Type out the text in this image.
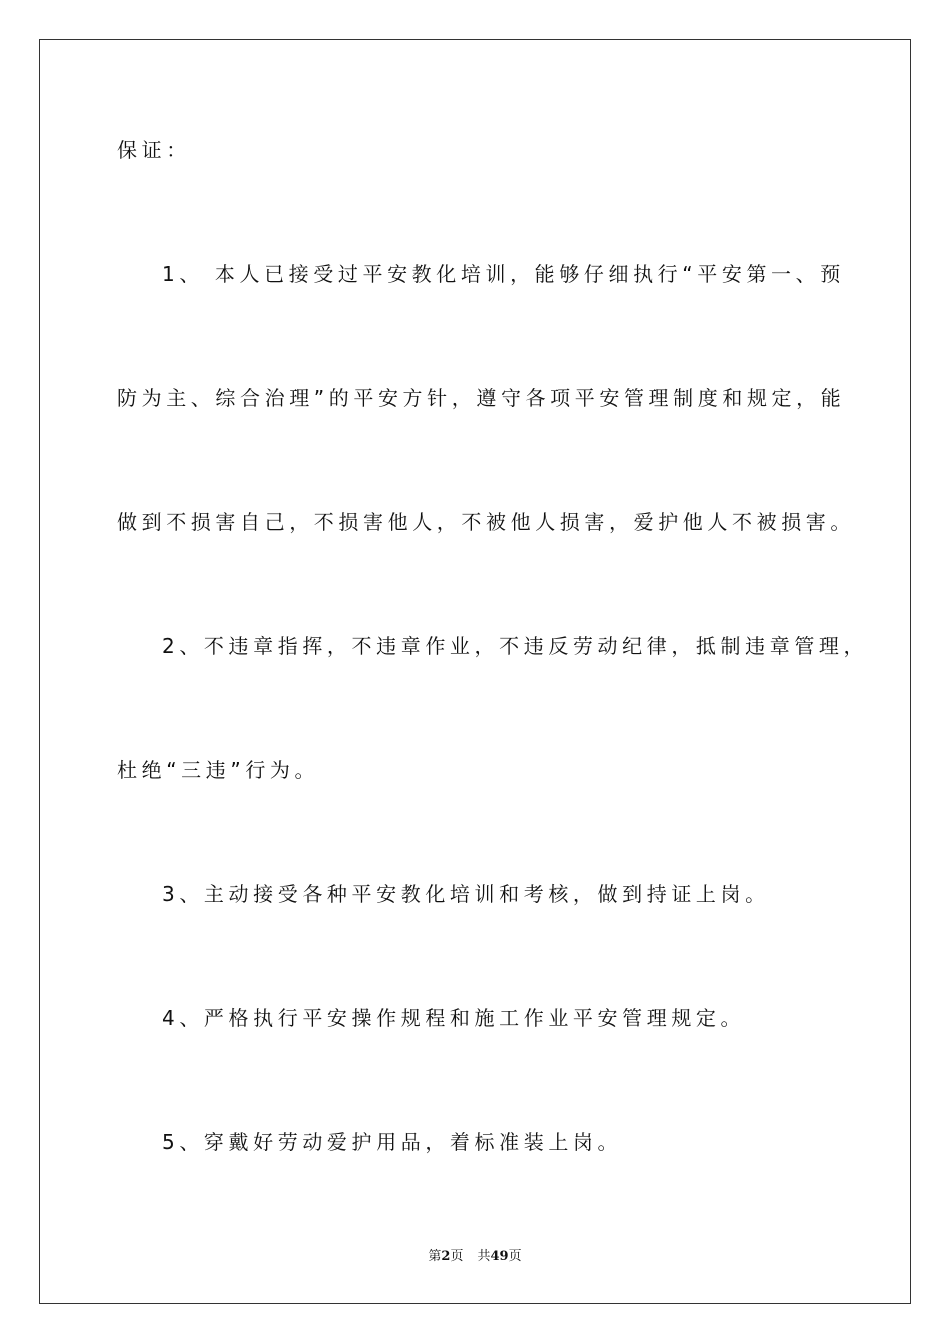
保证：

1、 本人已接受过平安教化培训，能够仔细执行“平安第一、预

防为主、综合治理”的平安方针，遵守各项平安管理制度和规定，能

做到不损害自己，不损害他人，不被他人损害，爱护他人不被损害。

2、不违章指挥，不违章作业，不违反劳动纪律，抵制违章管理，

杜绝“三违”行为。

3、主动接受各种平安教化培训和考核，做到持证上岗。

4、严格执行平安操作规程和施工作业平安管理规定。

5、穿戴好劳动爱护用品，着标准装上岗。

第2页 共49页
